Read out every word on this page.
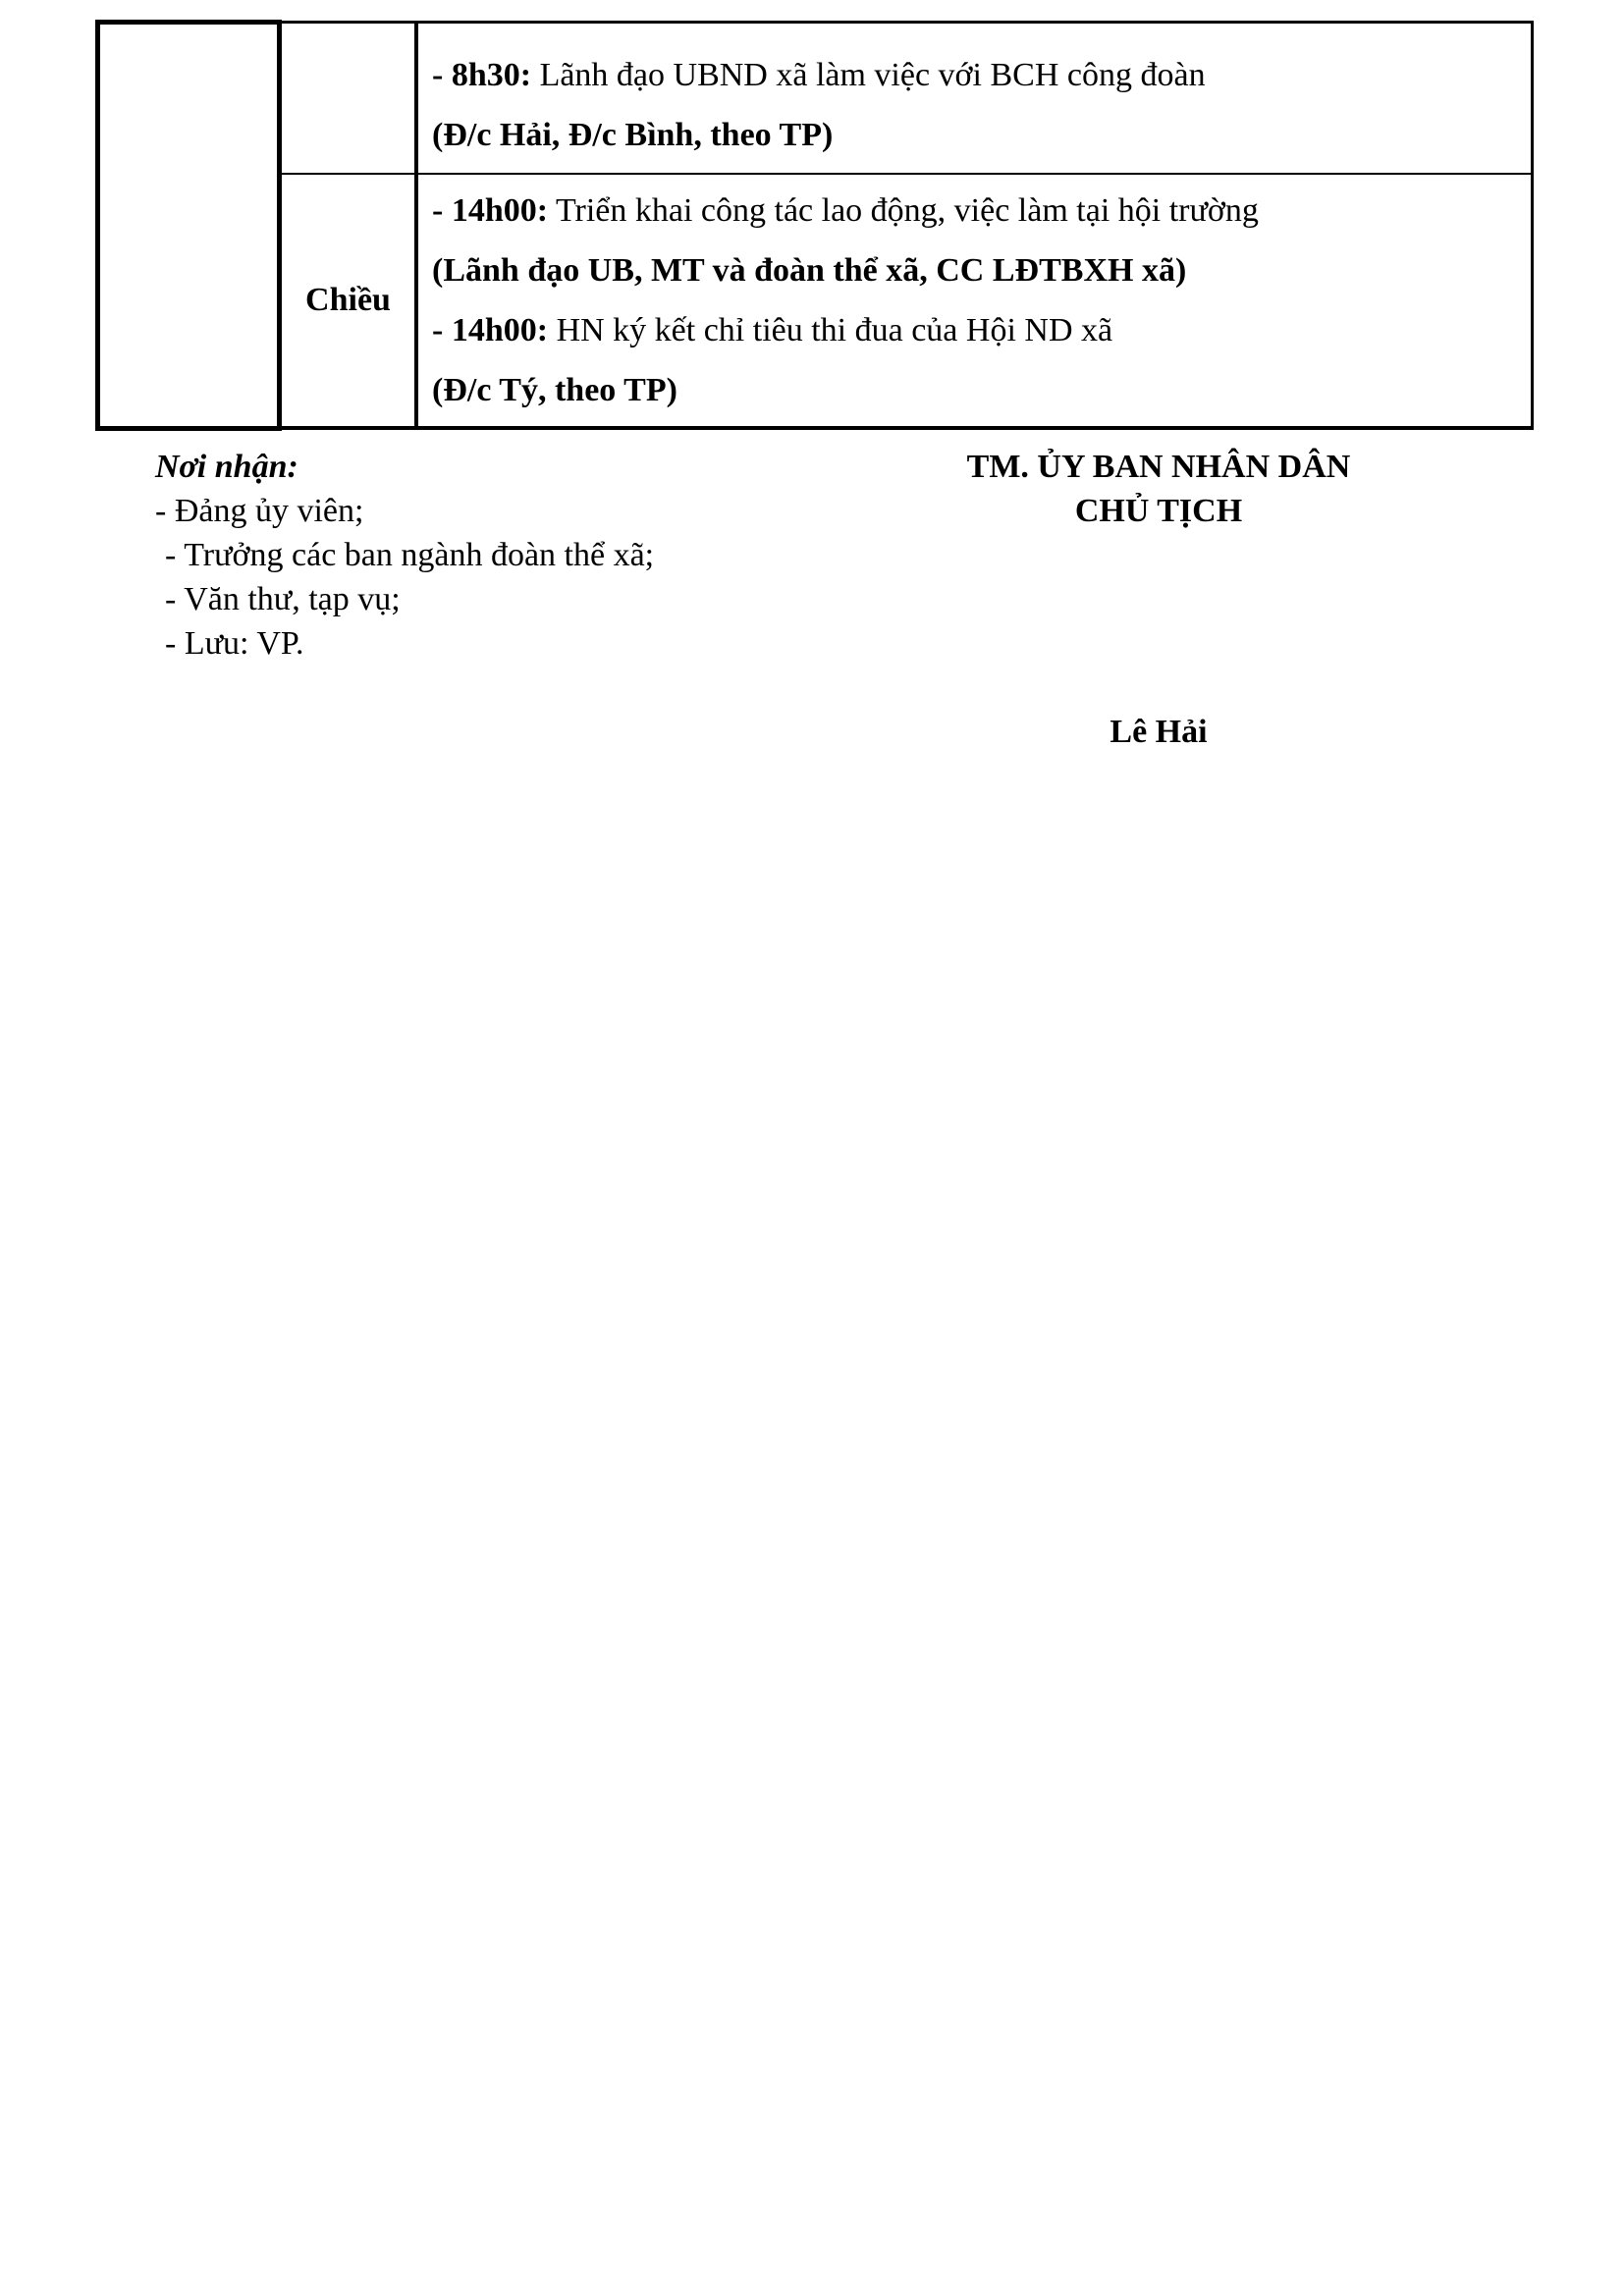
		- 8h30: Lãnh đạo UBND xã làm việc với BCH công đoàn
(Đ/c Hải, Đ/c Bình, theo TP)

	Chiều	- 14h00: Triển khai công tác lao động, việc làm tại hội trường
(Lãnh đạo UB, MT và đoàn thể xã, CC LĐTBXH xã)
- 14h00: HN ký kết chỉ tiêu thi đua của Hội ND xã
(Đ/c Tý, theo TP)

Nơi nhận:

- Đảng ủy viên;

- Trưởng các ban ngành đoàn thể xã;

- Văn thư, tạp vụ;

- Lưu: VP.

TM. ỦY BAN NHÂN DÂN

CHỦ TỊCH

Lê Hải
